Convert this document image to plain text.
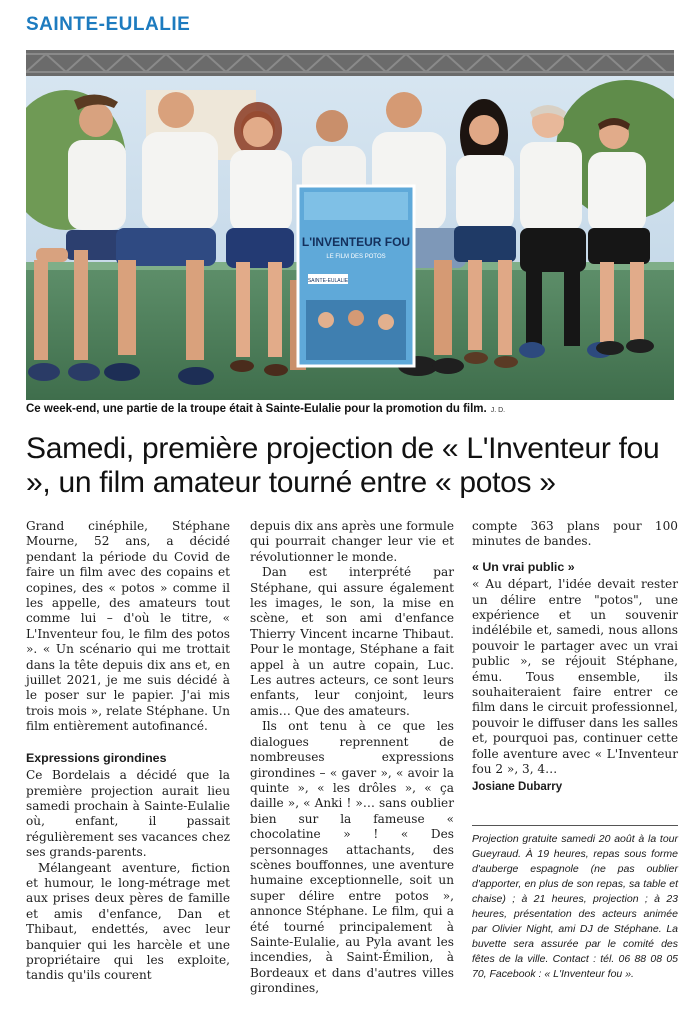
SAINTE-EULALIE
L'INVENTEUR FOU
LE FILM DES POTOS
SAINTE-EULALIE
Ce week-end, une partie de la troupe était à Sainte-Eulalie pour la promotion du film. J. D.
Samedi, première projection de « L'Inventeur fou », un film amateur tourné entre « potos »

Grand cinéphile, Stéphane Mourne, 52 ans, a décidé pendant la période du Covid de faire un film avec des copains et copines, des « potos » comme il les appelle, des amateurs tout comme lui – d'où le titre, « L'Inventeur fou, le film des potos ». « Un scénario qui me trottait dans la tête depuis dix ans et, en juillet 2021, je me suis décidé à le poser sur le papier. J'ai mis trois mois », relate Stéphane. Un film entièrement autofinancé.

Expressions girondines

Ce Bordelais a décidé que la première projection aurait lieu samedi prochain à Sainte-Eulalie où, enfant, il passait régulièrement ses vacances chez ses grands-parents.

Mélangeant aventure, fiction et humour, le long-métrage met aux prises deux pères de famille et amis d'enfance, Dan et Thibaut, endettés, avec leur banquier qui les harcèle et une propriétaire qui les exploite, tandis qu'ils courent

depuis dix ans après une formule qui pourrait changer leur vie et révolutionner le monde.

Dan est interprété par Stéphane, qui assure également les images, le son, la mise en scène, et son ami d'enfance Thierry Vincent incarne Thibaut. Pour le montage, Stéphane a fait appel à un autre copain, Luc. Les autres acteurs, ce sont leurs enfants, leur conjoint, leurs amis… Que des amateurs.

Ils ont tenu à ce que les dialogues reprennent de nombreuses expressions girondines – « gaver », « avoir la quinte », « les drôles », « ça daille », « Anki ! »… sans oublier bien sur la fameuse « chocolatine » ! « Des personnages attachants, des scènes bouffonnes, une aventure humaine exceptionnelle, soit un super délire entre potos », annonce Stéphane. Le film, qui a été tourné principalement à Sainte-Eulalie, au Pyla avant les incendies, à Saint-Émilion, à Bordeaux et dans d'autres villes girondines,

compte 363 plans pour 100 minutes de bandes.

« Un vrai public »

« Au départ, l'idée devait rester un délire entre "potos", une expérience et un souvenir indélébile et, samedi, nous allons pouvoir le partager avec un vrai public », se réjouit Stéphane, ému. Tous ensemble, ils souhaiteraient faire entrer ce film dans le circuit professionnel, pouvoir le diffuser dans les salles et, pourquoi pas, continuer cette folle aventure avec « L'Inventeur fou 2 », 3, 4…

Josiane Dubarry
Projection gratuite samedi 20 août à la tour Gueyraud. À 19 heures, repas sous forme d'auberge espagnole (ne pas oublier d'apporter, en plus de son repas, sa table et chaise) ; à 21 heures, projection ; à 23 heures, présentation des acteurs animée par Olivier Night, ami DJ de Stéphane. La buvette sera assurée par le comité des fêtes de la ville. Contact : tél. 06 88 08 05 70, Facebook : « L'Inventeur fou ».
